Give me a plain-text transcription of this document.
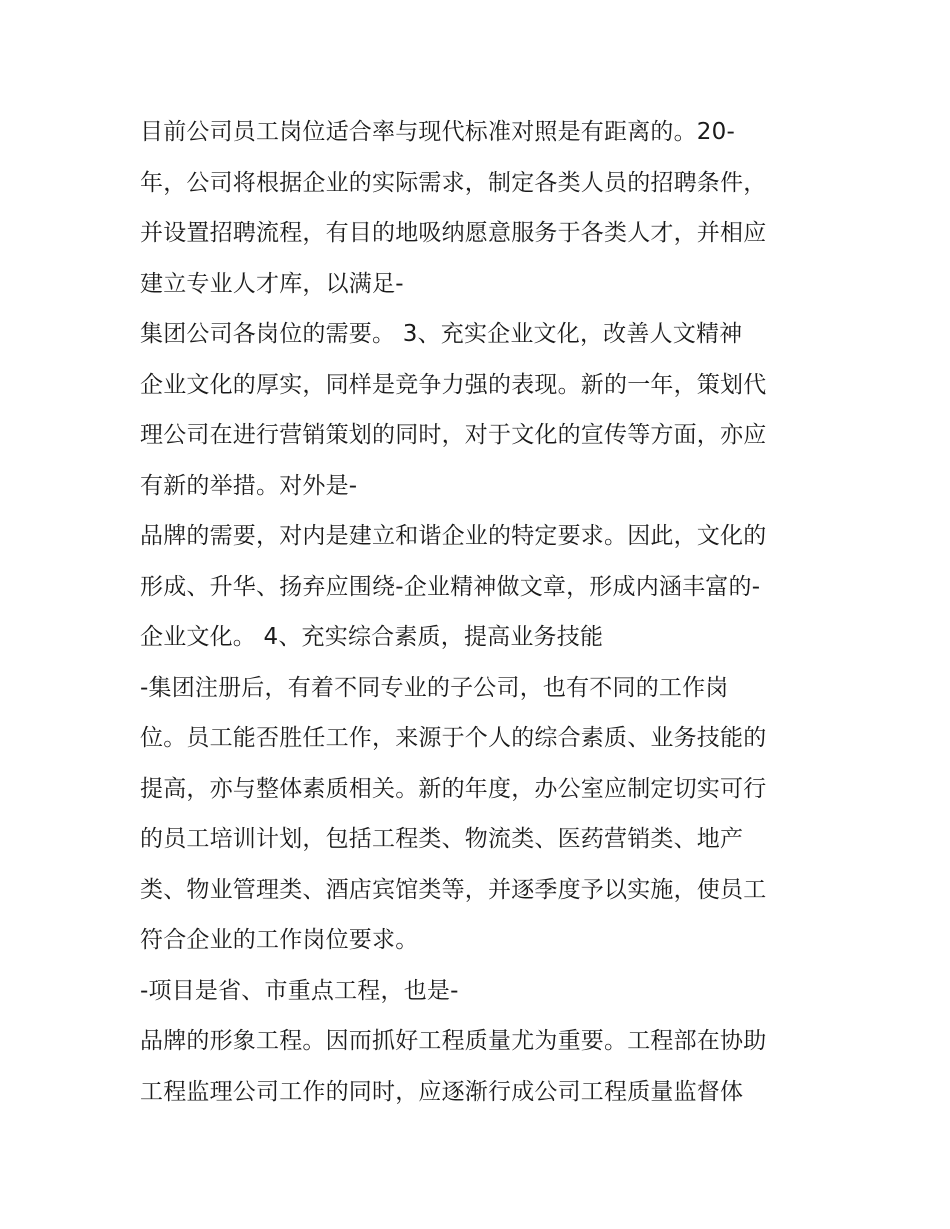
目前公司员工岗位适合率与现代标准对照是有距离的。20-
年，公司将根据企业的实际需求，制定各类人员的招聘条件，
并设置招聘流程，有目的地吸纳愿意服务于各类人才，并相应
建立专业人才库，以满足-
集团公司各岗位的需要。 3、充实企业文化，改善人文精神
企业文化的厚实，同样是竞争力强的表现。新的一年，策划代
理公司在进行营销策划的同时，对于文化的宣传等方面，亦应
有新的举措。对外是-
品牌的需要，对内是建立和谐企业的特定要求。因此，文化的
形成、升华、扬弃应围绕-企业精神做文章，形成内涵丰富的-
企业文化。 4、充实综合素质，提高业务技能
-集团注册后，有着不同专业的子公司，也有不同的工作岗
位。员工能否胜任工作，来源于个人的综合素质、业务技能的
提高，亦与整体素质相关。新的年度，办公室应制定切实可行
的员工培训计划，包括工程类、物流类、医药营销类、地产
类、物业管理类、酒店宾馆类等，并逐季度予以实施，使员工
符合企业的工作岗位要求。
-项目是省、市重点工程，也是-
品牌的形象工程。因而抓好工程质量尤为重要。工程部在协助
工程监理公司工作的同时，应逐渐行成公司工程质量监督体
